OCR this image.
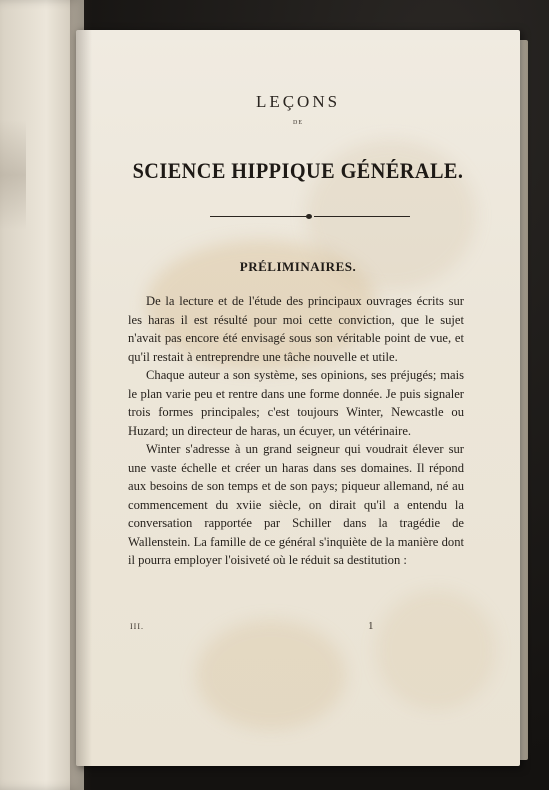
LEÇONS
DE
SCIENCE HIPPIQUE GÉNÉRALE.
PRÉLIMINAIRES.

De la lecture et de l'étude des principaux ouvrages écrits sur les haras il est résulté pour moi cette conviction, que le sujet n'avait pas encore été envisagé sous son véritable point de vue, et qu'il restait à entreprendre une tâche nouvelle et utile.

Chaque auteur a son système, ses opinions, ses préjugés; mais le plan varie peu et rentre dans une forme donnée. Je puis signaler trois formes principales; c'est toujours Winter, Newcastle ou Huzard; un directeur de haras, un écuyer, un vétérinaire.

Winter s'adresse à un grand seigneur qui voudrait élever sur une vaste échelle et créer un haras dans ses domaines. Il répond aux besoins de son temps et de son pays; piqueur allemand, né au commencement du xviie siècle, on dirait qu'il a entendu la conversation rapportée par Schiller dans la tragédie de Wallenstein. La famille de ce général s'inquiète de la manière dont il pourra employer l'oisiveté où le réduit sa destitution :

III.	1
